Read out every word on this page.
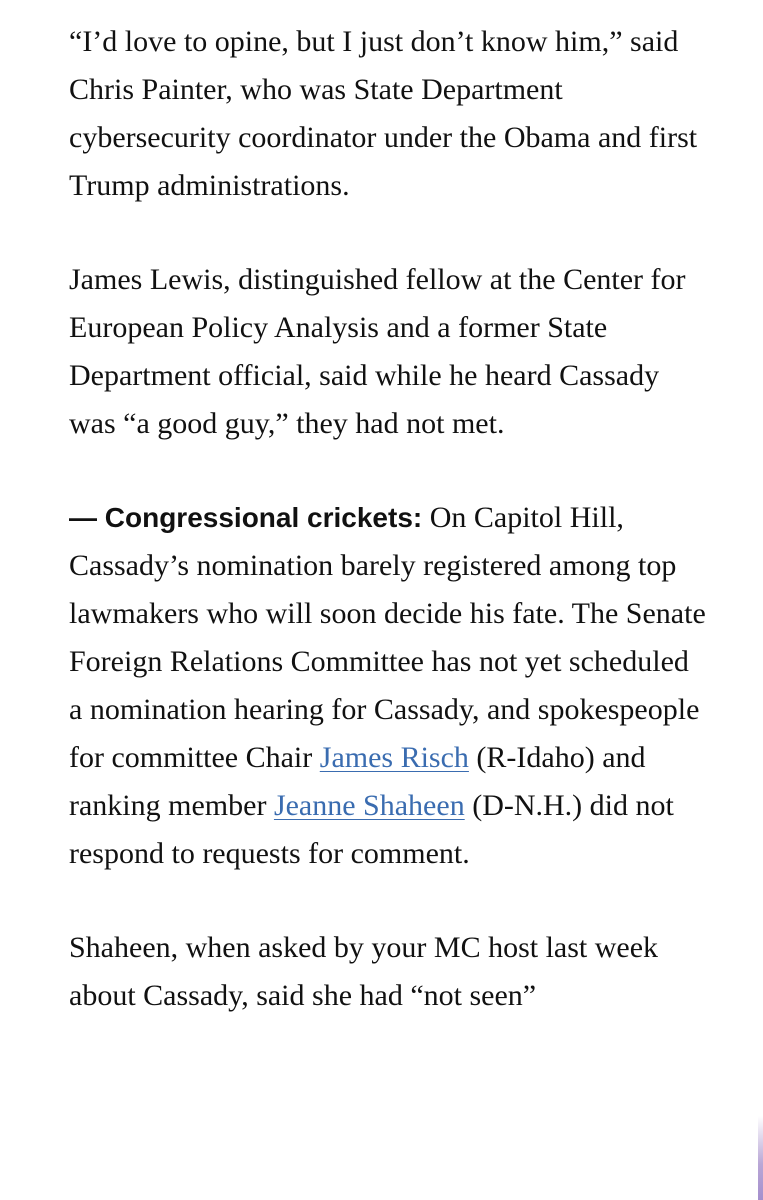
“I’d love to opine, but I just don’t know him,” said Chris Painter, who was State Department cybersecurity coordinator under the Obama and first Trump administrations.

James Lewis, distinguished fellow at the Center for European Policy Analysis and a former State Department official, said while he heard Cassady was “a good guy,” they had not met.

— Congressional crickets: On Capitol Hill, Cassady’s nomination barely registered among top lawmakers who will soon decide his fate. The Senate Foreign Relations Committee has not yet scheduled a nomination hearing for Cassady, and spokespeople for committee Chair James Risch (R-Idaho) and ranking member Jeanne Shaheen (D-N.H.) did not respond to requests for comment.

Shaheen, when asked by your MC host last week about Cassady, said she had “not seen”
